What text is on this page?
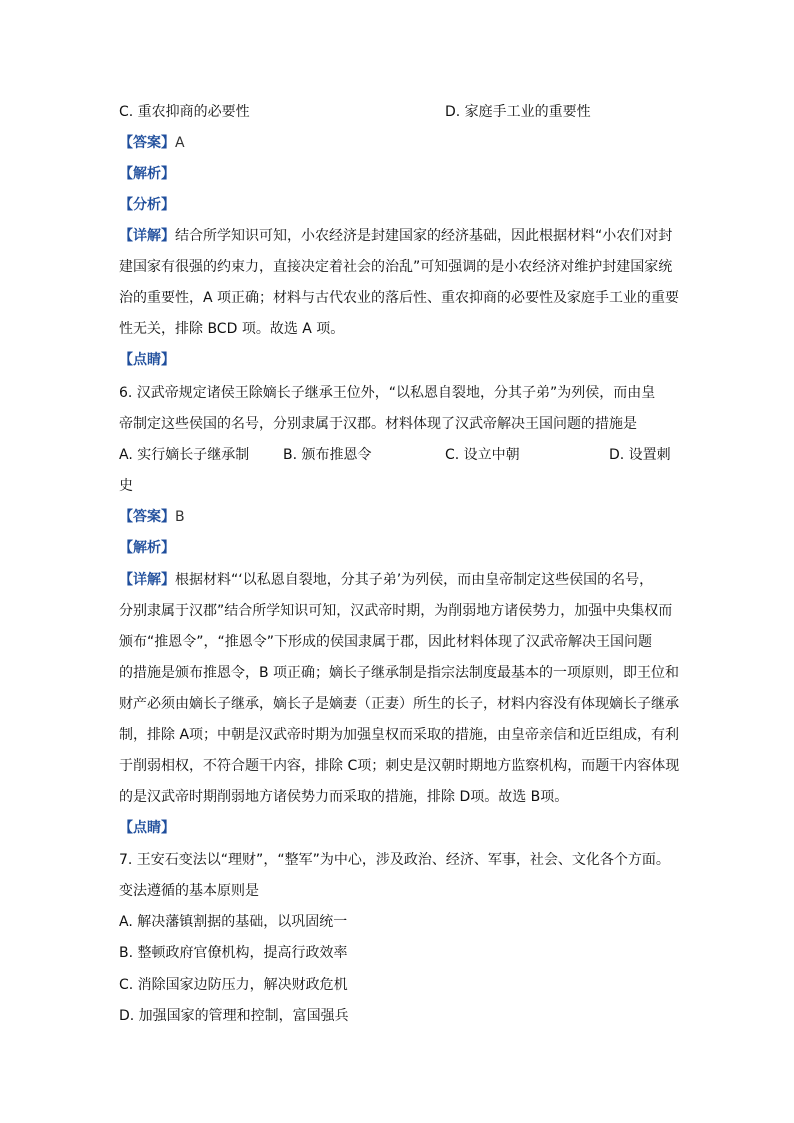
C. 重农抑商的必要性	D. 家庭手工业的重要性
【答案】A
【解析】
【分析】
【详解】结合所学知识可知，小农经济是封建国家的经济基础，因此根据材料“小农们对封
建国家有很强的约束力，直接决定着社会的治乱”可知强调的是小农经济对维护封建国家统
治的重要性，A 项正确；材料与古代农业的落后性、重农抑商的必要性及家庭手工业的重要
性无关，排除 BCD 项。故选 A 项。
【点睛】
6. 汉武帝规定诸侯王除嫡长子继承王位外，“以私恩自裂地，分其子弟”为列侯，而由皇
帝制定这些侯国的名号，分别隶属于汉郡。材料体现了汉武帝解决王国问题的措施是
A. 实行嫡长子继承制 B. 颁布推恩令	C. 设立中朝	D. 设置刺
史
【答案】B
【解析】
【详解】根据材料“‘以私恩自裂地，分其子弟’为列侯，而由皇帝制定这些侯国的名号，
分别隶属于汉郡”结合所学知识可知，汉武帝时期，为削弱地方诸侯势力，加强中央集权而
颁布“推恩令”，“推恩令”下形成的侯国隶属于郡，因此材料体现了汉武帝解决王国问题
的措施是颁布推恩令，B 项正确；嫡长子继承制是指宗法制度最基本的一项原则，即王位和
财产必须由嫡长子继承，嫡长子是嫡妻（正妻）所生的长子，材料内容没有体现嫡长子继承
制，排除 A项；中朝是汉武帝时期为加强皇权而采取的措施，由皇帝亲信和近臣组成，有利
于削弱相权，不符合题干内容，排除 C项；刺史是汉朝时期地方监察机构，而题干内容体现
的是汉武帝时期削弱地方诸侯势力而采取的措施，排除 D项。故选 B项。
【点睛】
7. 王安石变法以“理财”，“整军”为中心，涉及政治、经济、军事，社会、文化各个方面。
变法遵循的基本原则是
A. 解决藩镇割据的基础，以巩固统一
B. 整顿政府官僚机构，提高行政效率
C. 消除国家边防压力，解决财政危机
D. 加强国家的管理和控制，富国强兵
